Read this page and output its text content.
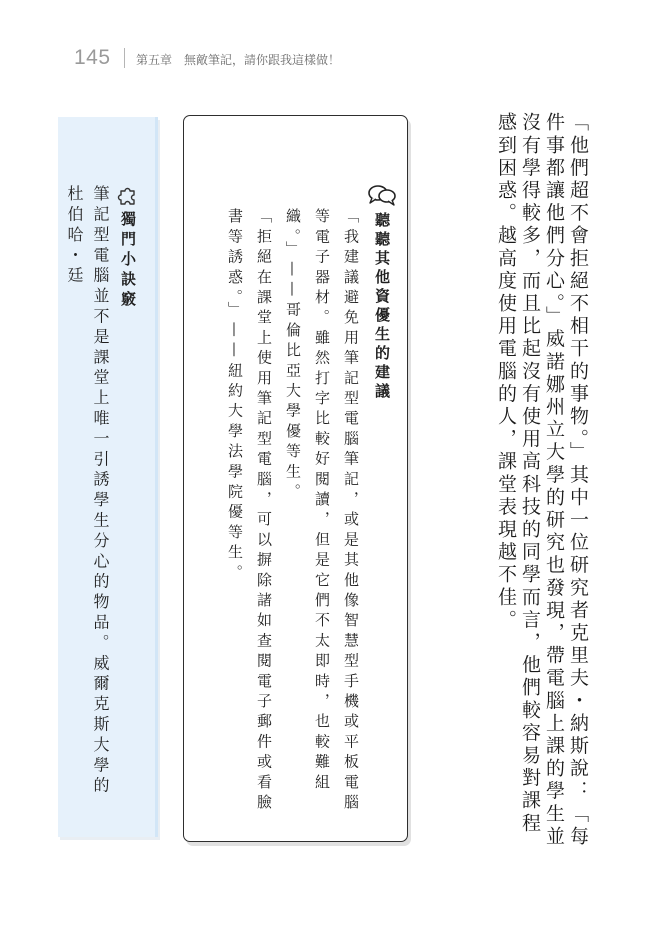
145 第五章　無敵筆記，請你跟我這樣做！

「他們超不會拒絕不相干的事物。」其中一位研究者克里夫・納斯說：「每件事都讓他們分心。」威諾娜州立大學的研究也發現，帶電腦上課的學生並沒有學得較多，而且比起沒有使用高科技的同學而言，他們較容易對課程感到困惑。越高度使用電腦的人，課堂表現越不佳。

聽聽其他資優生的建議

「我建議避免用筆記型電腦筆記，或是其他像智慧型手機或平板電腦等電子器材。雖然打字比較好閱讀，但是它們不太即時，也較難組織。」——哥倫比亞大學優等生。

「拒絕在課堂上使用筆記型電腦，可以摒除諸如查閱電子郵件或看臉書等誘惑。」——紐約大學法學院優等生。

獨門小訣竅

筆記型電腦並不是課堂上唯一引誘學生分心的物品。威爾克斯大學的杜伯哈・廷
